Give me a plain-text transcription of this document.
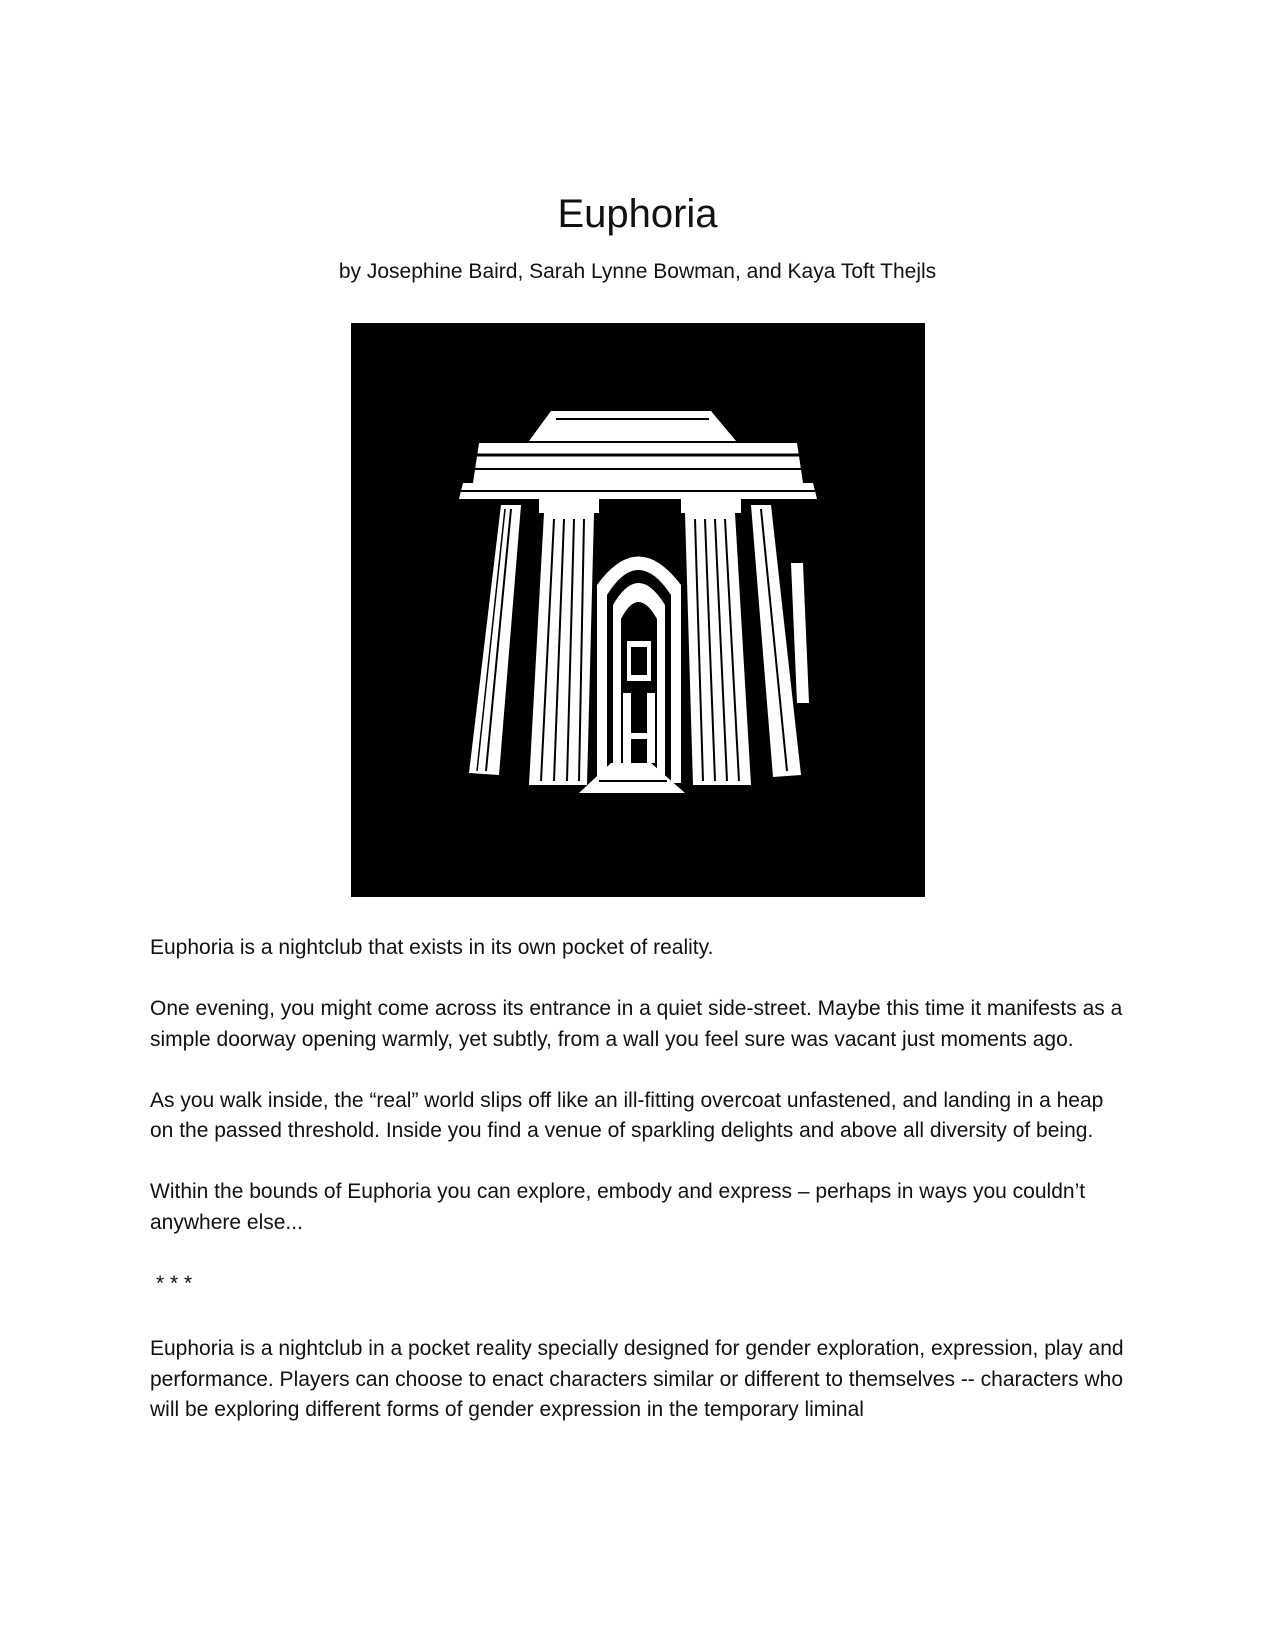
Euphoria
by Josephine Baird, Sarah Lynne Bowman, and Kaya Toft Thejls

Euphoria is a nightclub that exists in its own pocket of reality.

One evening, you might come across its entrance in a quiet side-street. Maybe this time it manifests as a simple doorway opening warmly, yet subtly, from a wall you feel sure was vacant just moments ago.

As you walk inside, the “real” world slips off like an ill-fitting overcoat unfastened, and landing in a heap on the passed threshold. Inside you find a venue of sparkling delights and above all diversity of being.

Within the bounds of Euphoria you can explore, embody and express – perhaps in ways you couldn’t anywhere else...

* * *

Euphoria is a nightclub in a pocket reality specially designed for gender exploration, expression, play and performance. Players can choose to enact characters similar or different to themselves -- characters who will be exploring different forms of gender expression in the temporary liminal
